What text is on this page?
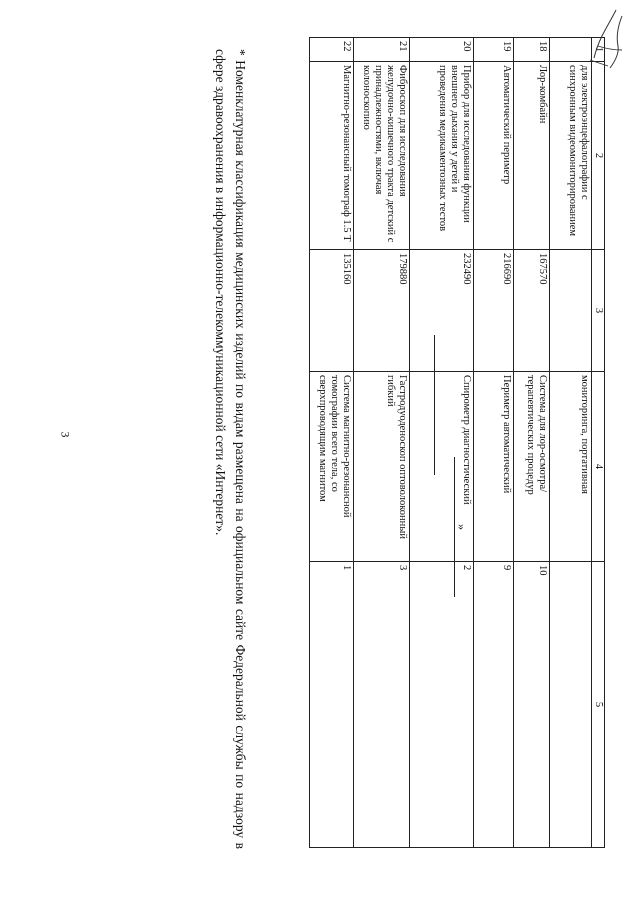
3
1	2	3	4	5
	для электроэнцефалографии с синхронным видеомониторированием		мониторинга, портативная	
18	Лор-комбайн	167570	Система для лор-осмотра/ терапевтических процедур	10
19	Автоматический периметр	216690	Периметр автоматический	9
20	Прибор для исследования функции внешнего дыхания у детей и проведения медикаментозных тестов	232490	Спирометр диагностический	2
21	Фиброскоп для исследования желудочно-кишечного тракта детский с принадлежностями, включая колоноскопию	179880	Гастродуоденоскоп оптоволоконный гибкий	3
22	Магнитно-резонансный томограф 1.5 Т	135160	Система магнитно-резонансной томографии всего тела, со сверхпроводящим магнитом	1
»
* Номенклатурная классификация медицинских изделий по видам размещена на официальном сайте Федеральной службы по надзору в сфере здравоохранения в информационно-телекоммуникационной сети «Интернет».
